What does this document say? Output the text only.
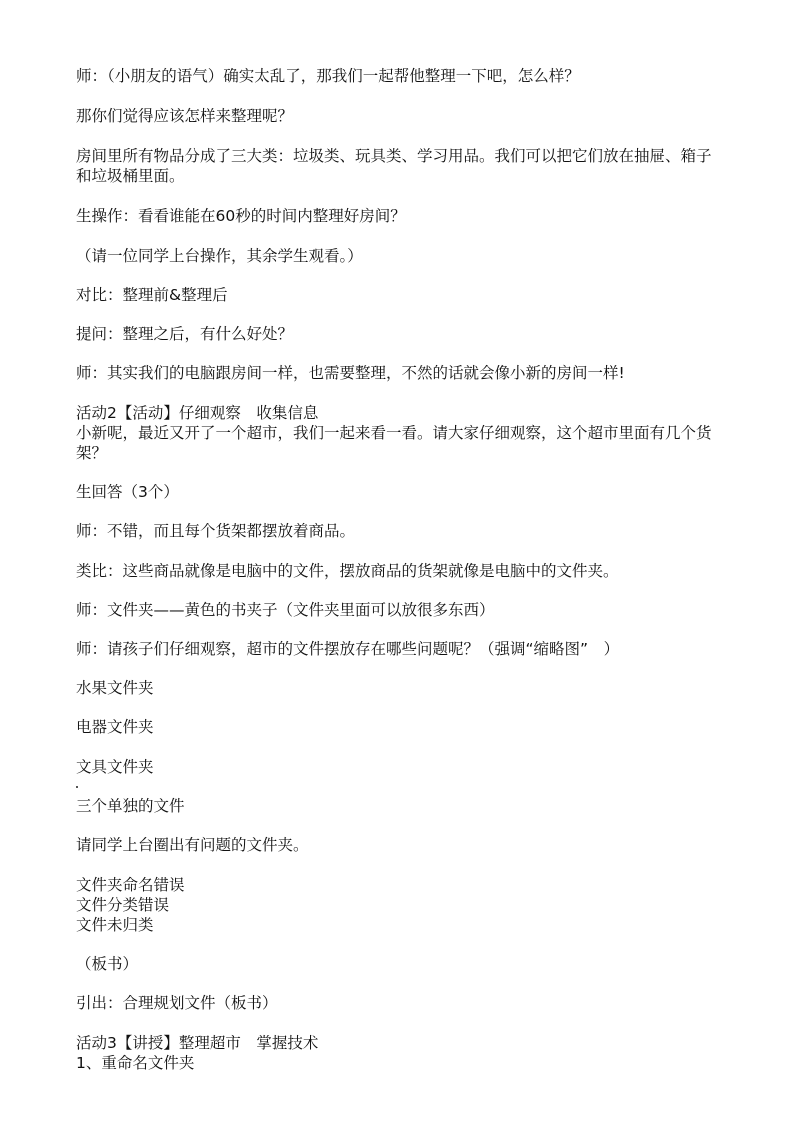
师：（小朋友的语气）确实太乱了，那我们一起帮他整理一下吧，怎么样？
那你们觉得应该怎样来整理呢？
房间里所有物品分成了三大类：垃圾类、玩具类、学习用品。我们可以把它们放在抽屉、箱子和垃圾桶里面。
生操作：看看谁能在60秒的时间内整理好房间？
（请一位同学上台操作，其余学生观看。）
对比：整理前&整理后
提问：整理之后，有什么好处？
师：其实我们的电脑跟房间一样，也需要整理，不然的话就会像小新的房间一样!
活动2【活动】仔细观察　收集信息
小新呢，最近又开了一个超市，我们一起来看一看。请大家仔细观察，这个超市里面有几个货架？
生回答（3个）
师：不错，而且每个货架都摆放着商品。
类比：这些商品就像是电脑中的文件，摆放商品的货架就像是电脑中的文件夹。
师：文件夹——黄色的书夹子（文件夹里面可以放很多东西）
师：请孩子们仔细观察，超市的文件摆放存在哪些问题呢？（强调“缩略图”　）
水果文件夹
电器文件夹
文具文件夹
三个单独的文件
请同学上台圈出有问题的文件夹。
文件夹命名错误
文件分类错误
文件未归类
（板书）
引出：合理规划文件（板书）
活动3【讲授】整理超市　掌握技术
1、重命名文件夹
